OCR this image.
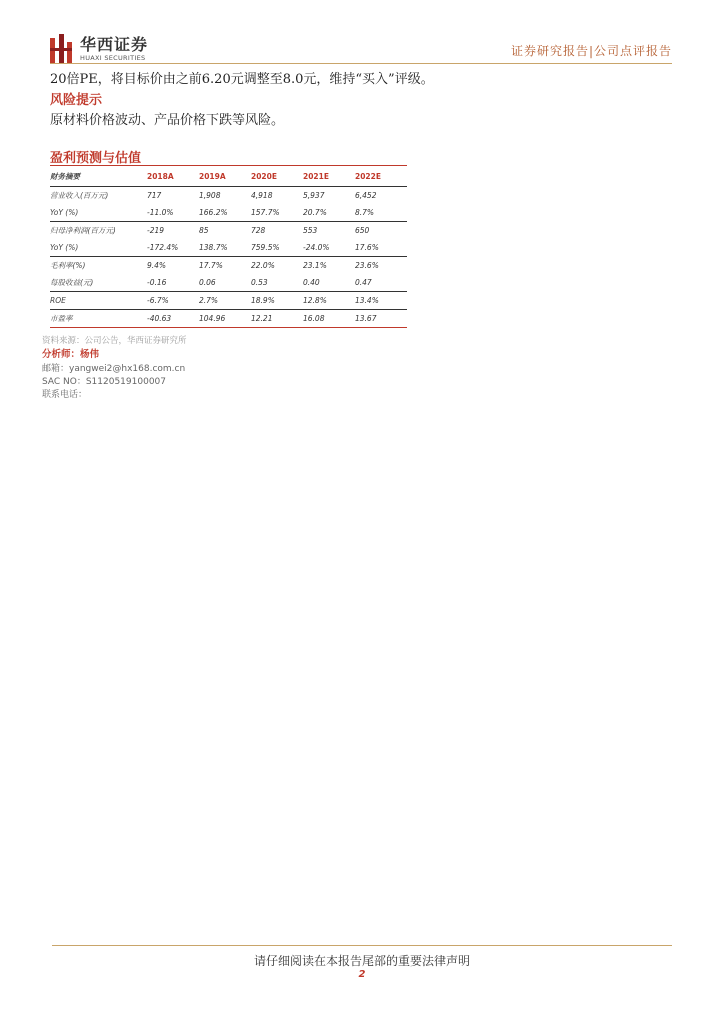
华西证券
HUAXI SECURITIES	证券研究报告|公司点评报告
20倍PE，将目标价由之前6.20元调整至8.0元，维持“买入”评级。
风险提示
原材料价格波动、产品价格下跌等风险。
盈利预测与估值
财务摘要	2018A	2019A	2020E	2021E	2022E
营业收入(百万元)	717	1,908	4,918	5,937	6,452
YoY (%)	-11.0%	166.2%	157.7%	20.7%	8.7%
归母净利润(百万元)	-219	85	728	553	650
YoY (%)	-172.4%	138.7%	759.5%	-24.0%	17.6%
毛利率(%)	9.4%	17.7%	22.0%	23.1%	23.6%
每股收益(元)	-0.16	0.06	0.53	0.40	0.47
ROE	-6.7%	2.7%	18.9%	12.8%	13.4%
市盈率	-40.63	104.96	12.21	16.08	13.67
资料来源：公司公告，华西证券研究所
分析师：杨伟
邮箱：yangwei2@hx168.com.cn
SAC NO：S1120519100007
联系电话：
请仔细阅读在本报告尾部的重要法律声明
2
